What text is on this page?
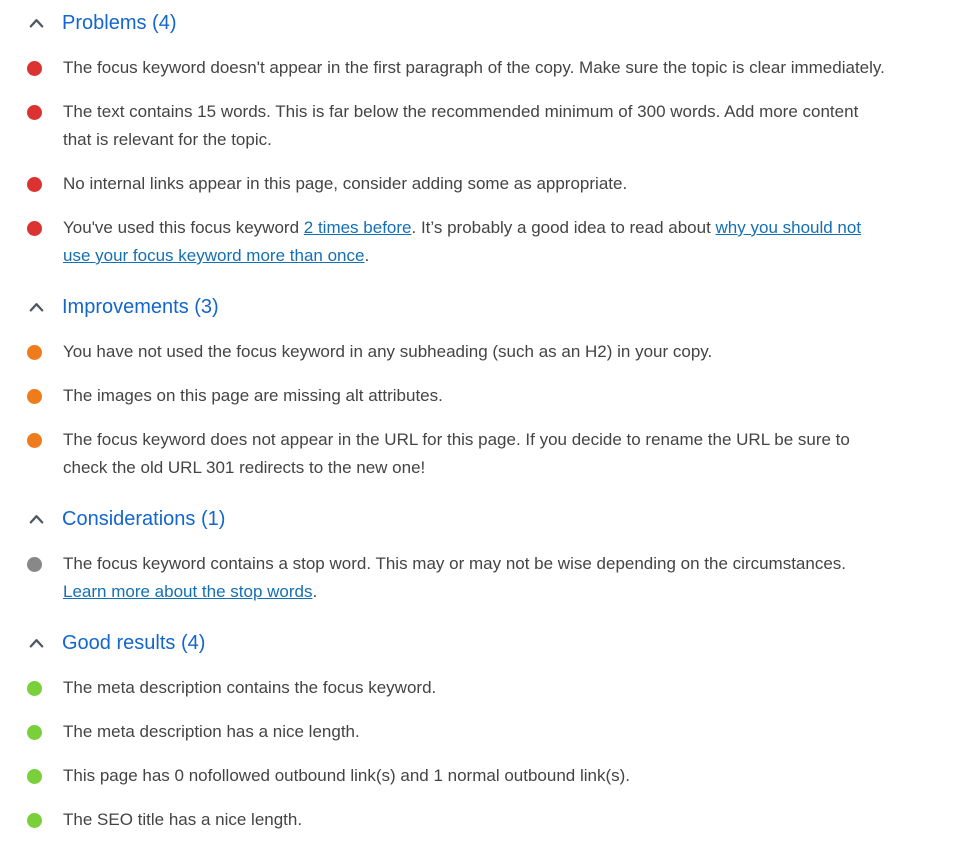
Problems (4)

The focus keyword doesn't appear in the first paragraph of the copy. Make sure the topic is clear immediately.

The text contains 15 words. This is far below the recommended minimum of 300 words. Add more content that is relevant for the topic.

No internal links appear in this page, consider adding some as appropriate.

You've used this focus keyword 2 times before. It’s probably a good idea to read about why you should not use your focus keyword more than once.

Improvements (3)

You have not used the focus keyword in any subheading (such as an H2) in your copy.

The images on this page are missing alt attributes.

The focus keyword does not appear in the URL for this page. If you decide to rename the URL be sure to check the old URL 301 redirects to the new one!

Considerations (1)

The focus keyword contains a stop word. This may or may not be wise depending on the circumstances. Learn more about the stop words.

Good results (4)

The meta description contains the focus keyword.

The meta description has a nice length.

This page has 0 nofollowed outbound link(s) and 1 normal outbound link(s).

The SEO title has a nice length.
